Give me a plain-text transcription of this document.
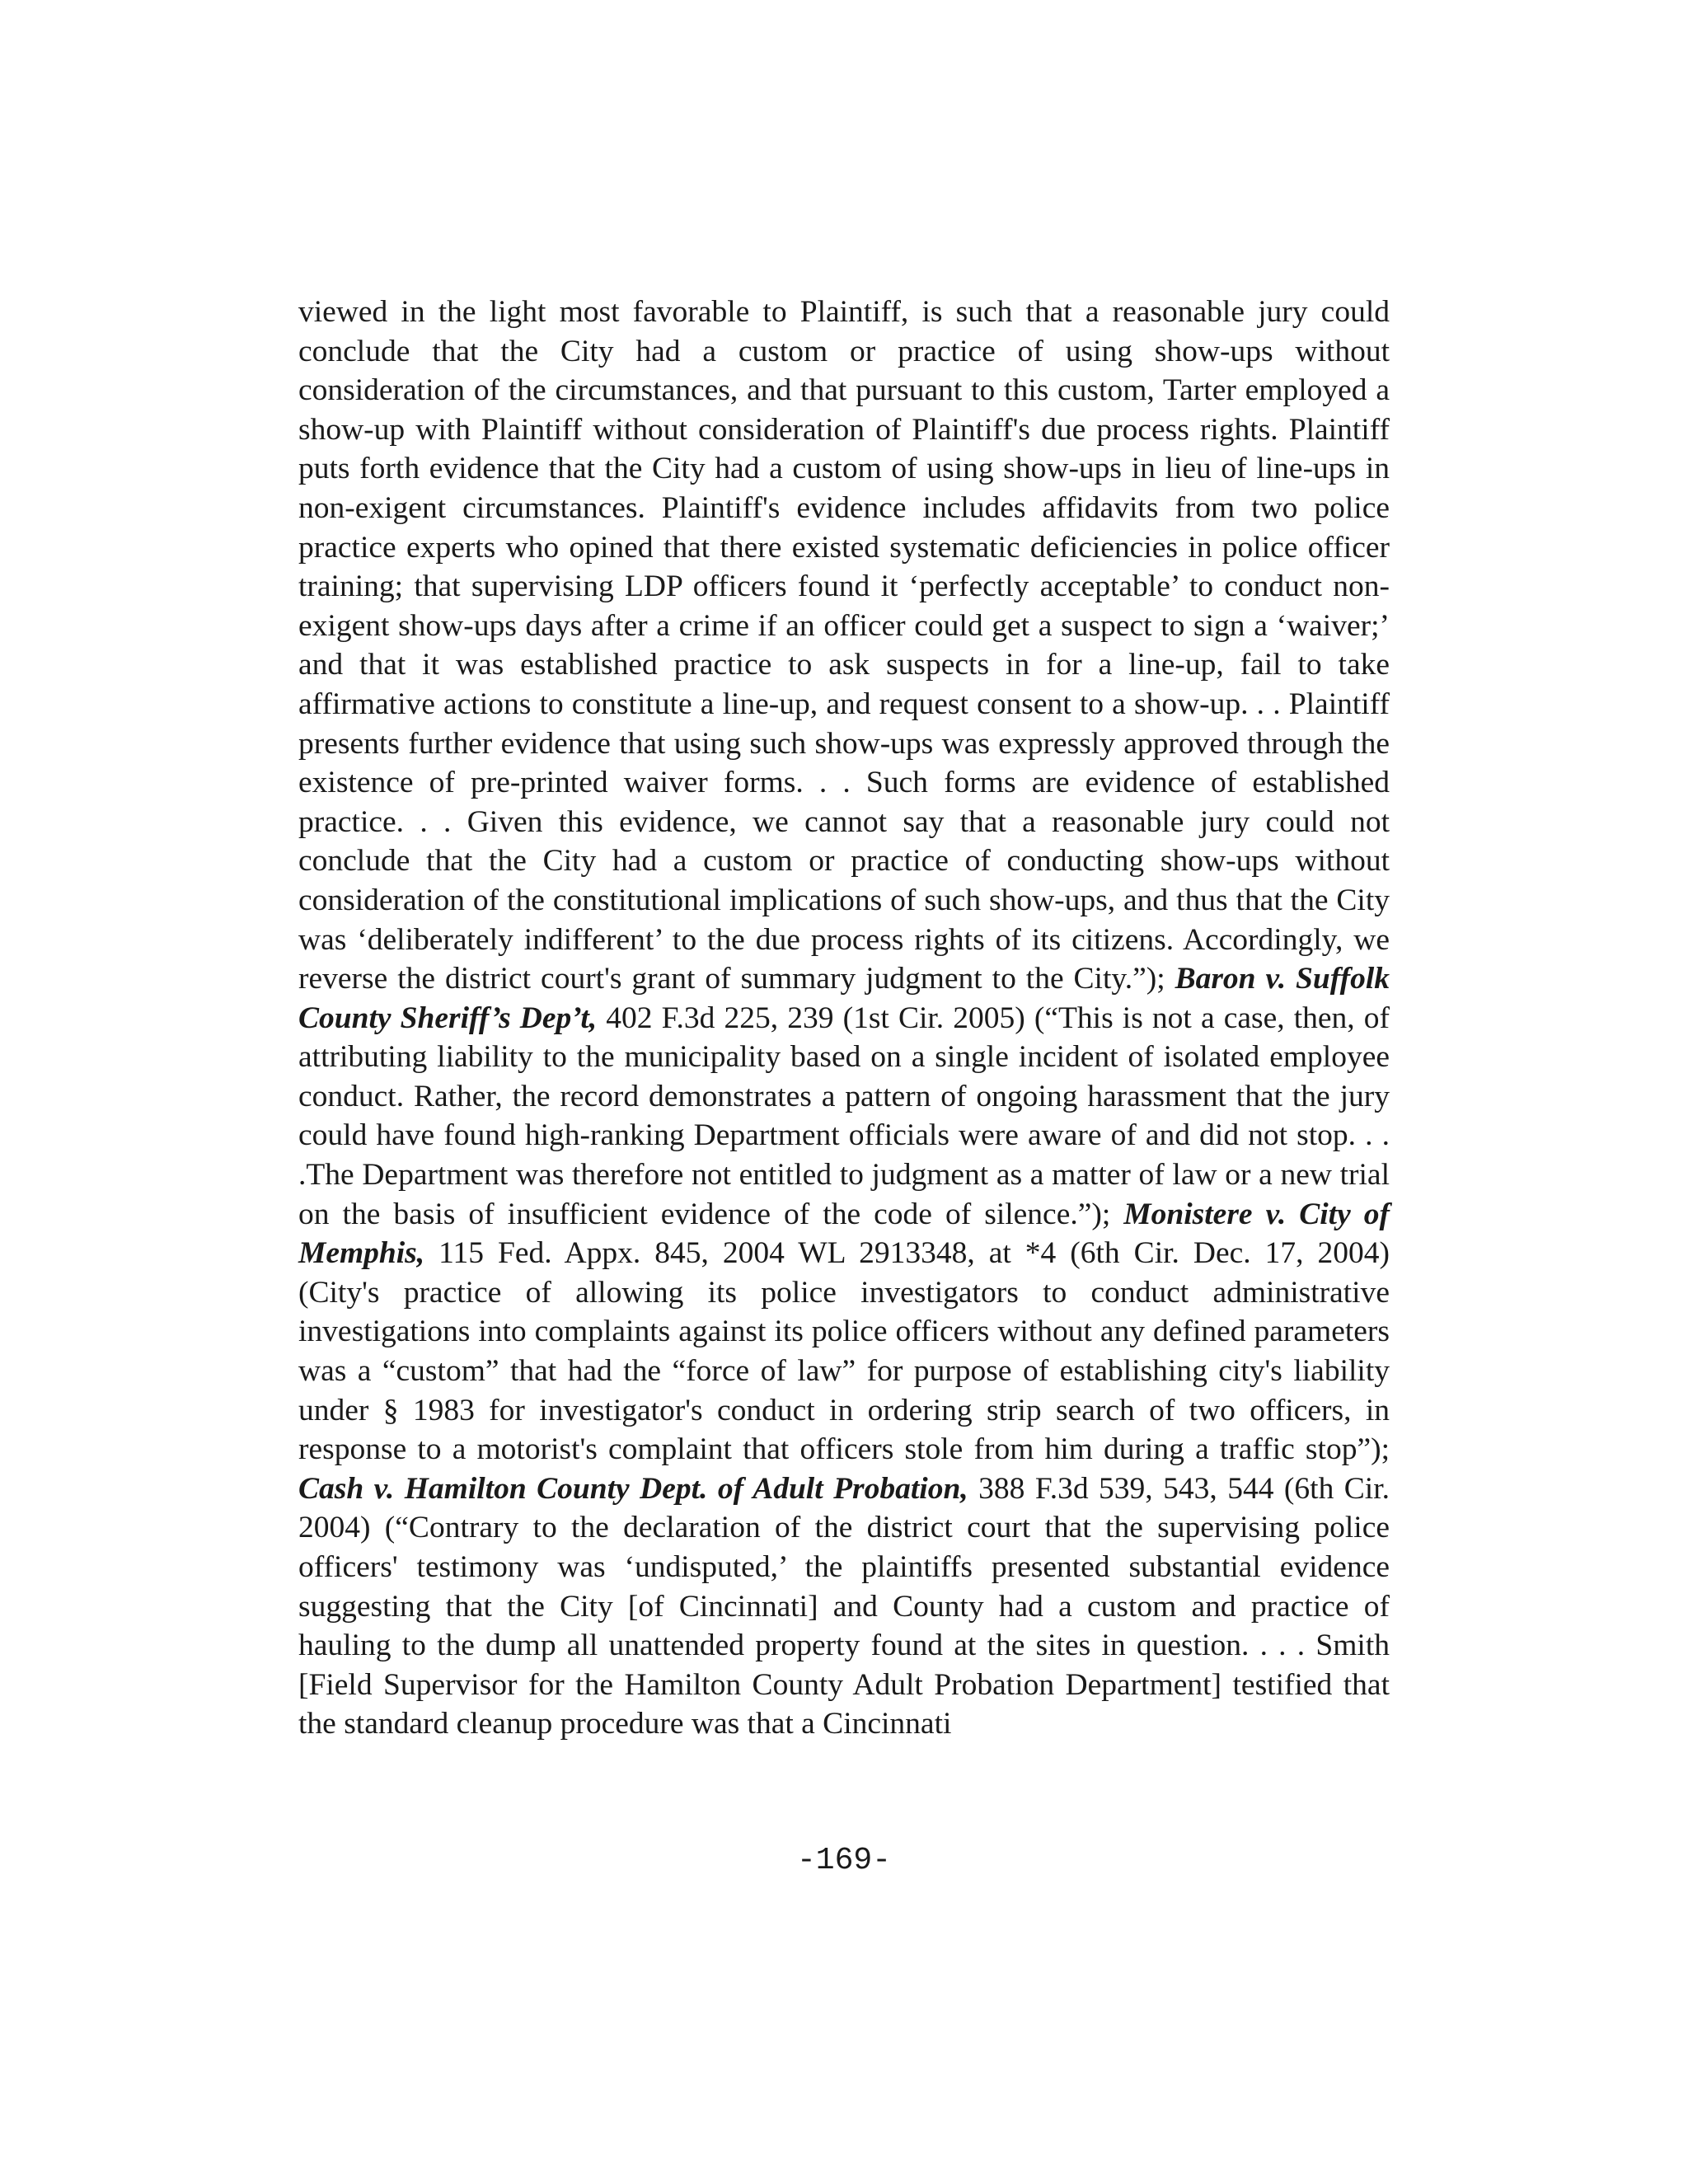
viewed in the light most favorable to Plaintiff, is such that a reasonable jury could conclude that the City had a custom or practice of using show-ups without consideration of the circumstances, and that pursuant to this custom, Tarter employed a show-up with Plaintiff without consideration of Plaintiff's due process rights. Plaintiff puts forth evidence that the City had a custom of using show-ups in lieu of line-ups in non-exigent circumstances. Plaintiff's evidence includes affidavits from two police practice experts who opined that there existed systematic deficiencies in police officer training; that supervising LDP officers found it ‘perfectly acceptable’ to conduct non-exigent show-ups days after a crime if an officer could get a suspect to sign a ‘waiver;’ and that it was established practice to ask suspects in for a line-up, fail to take affirmative actions to constitute a line-up, and request consent to a show-up. . . Plaintiff presents further evidence that using such show-ups was expressly approved through the existence of pre-printed waiver forms. . . Such forms are evidence of established practice. . . Given this evidence, we cannot say that a reasonable jury could not conclude that the City had a custom or practice of conducting show-ups without consideration of the constitutional implications of such show-ups, and thus that the City was ‘deliberately indifferent’ to the due process rights of its citizens. Accordingly, we reverse the district court's grant of summary judgment to the City.”); Baron v. Suffolk County Sheriff’s Dep’t, 402 F.3d 225, 239 (1st Cir. 2005) (“This is not a case, then, of attributing liability to the municipality based on a single incident of isolated employee conduct. Rather, the record demonstrates a pattern of ongoing harassment that the jury could have found high-ranking Department officials were aware of and did not stop. . . .The Department was therefore not entitled to judgment as a matter of law or a new trial on the basis of insufficient evidence of the code of silence.”); Monistere v. City of Memphis, 115 Fed. Appx. 845, 2004 WL 2913348, at *4 (6th Cir. Dec. 17, 2004) (City's practice of allowing its police investigators to conduct administrative investigations into complaints against its police officers without any defined parameters was a “custom” that had the “force of law” for purpose of establishing city's liability under § 1983 for investigator's conduct in ordering strip search of two officers, in response to a motorist's complaint that officers stole from him during a traffic stop”); Cash v. Hamilton County Dept. of Adult Probation, 388 F.3d 539, 543, 544 (6th Cir. 2004) (“Contrary to the declaration of the district court that the supervising police officers' testimony was ‘undisputed,’ the plaintiffs presented substantial evidence suggesting that the City [of Cincinnati] and County had a custom and practice of hauling to the dump all unattended property found at the sites in question. . . . Smith [Field Supervisor for the Hamilton County Adult Probation Department] testified that the standard cleanup procedure was that a Cincinnati

-169-
